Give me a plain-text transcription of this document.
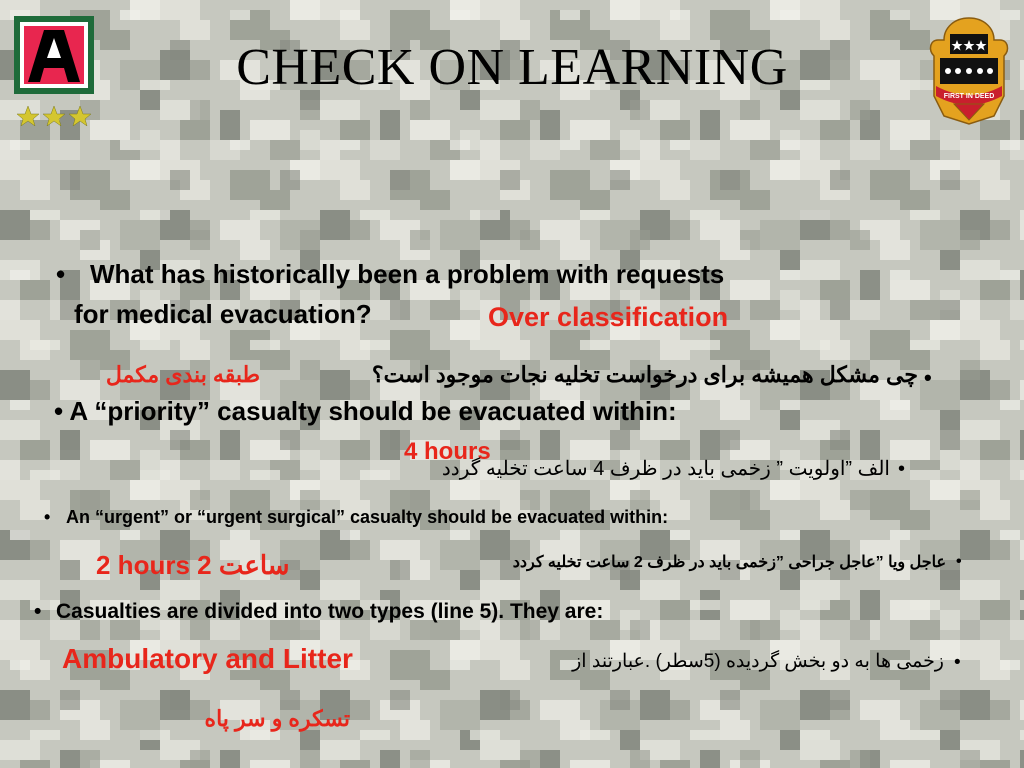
FIRST IN DEED
CHECK ON LEARNING
• What has historically been a problem with requests
for medical evacuation?	Over classification
•
چی مشکل همیشه برای درخواست تخلیه نجات موجود است؟
طبقه بندی مکمل
• A “priority” casualty should be evacuated within:
4 hours
•
الف ”اولویت ” زخمی باید در ظرف 4 ساعت تخلیه گردد
• An “urgent” or “urgent surgical” casualty should be evacuated within:
2 hours 2 ساعت	•
عاجل ویا ”عاجل جراحی ”زخمی باید در ظرف 2 ساعت تخلیه کردد
• Casualties are divided into two types (line 5). They are:
Ambulatory and Litter	•
زخمی ها به دو بخش گردیده (5سطر) .عبارتند از
تسکره و سر پاه
